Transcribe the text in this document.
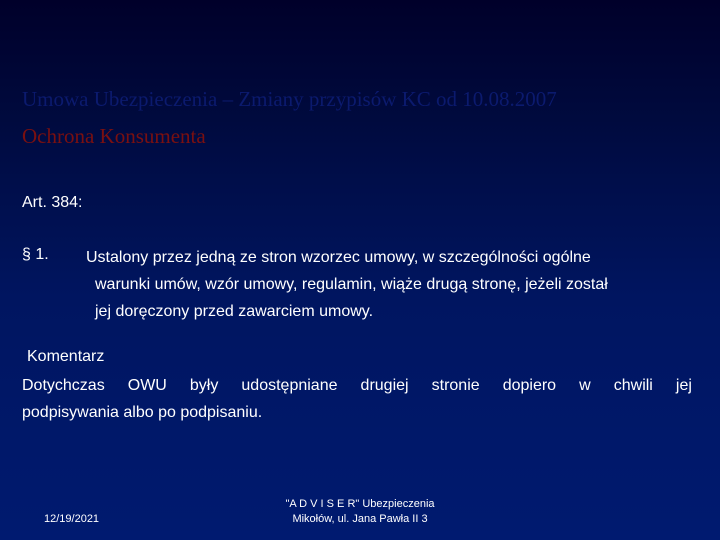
Umowa Ubezpieczenia – Zmiany przypisów KC od 10.08.2007
Ochrona Konsumenta
Art. 384:
§ 1. Ustalony przez jedną ze stron wzorzec umowy, w szczególności ogólne
warunki umów, wzór umowy, regulamin, wiąże drugą stronę, jeżeli został
jej doręczony przed zawarciem umowy.
Komentarz
Dotychczas OWU były udostępniane drugiej stronie dopiero w chwili jej
podpisywania albo po podpisaniu.
12/19/2021
"A D V I S E R" Ubezpieczenia
Mikołów, ul. Jana Pawła II 3
